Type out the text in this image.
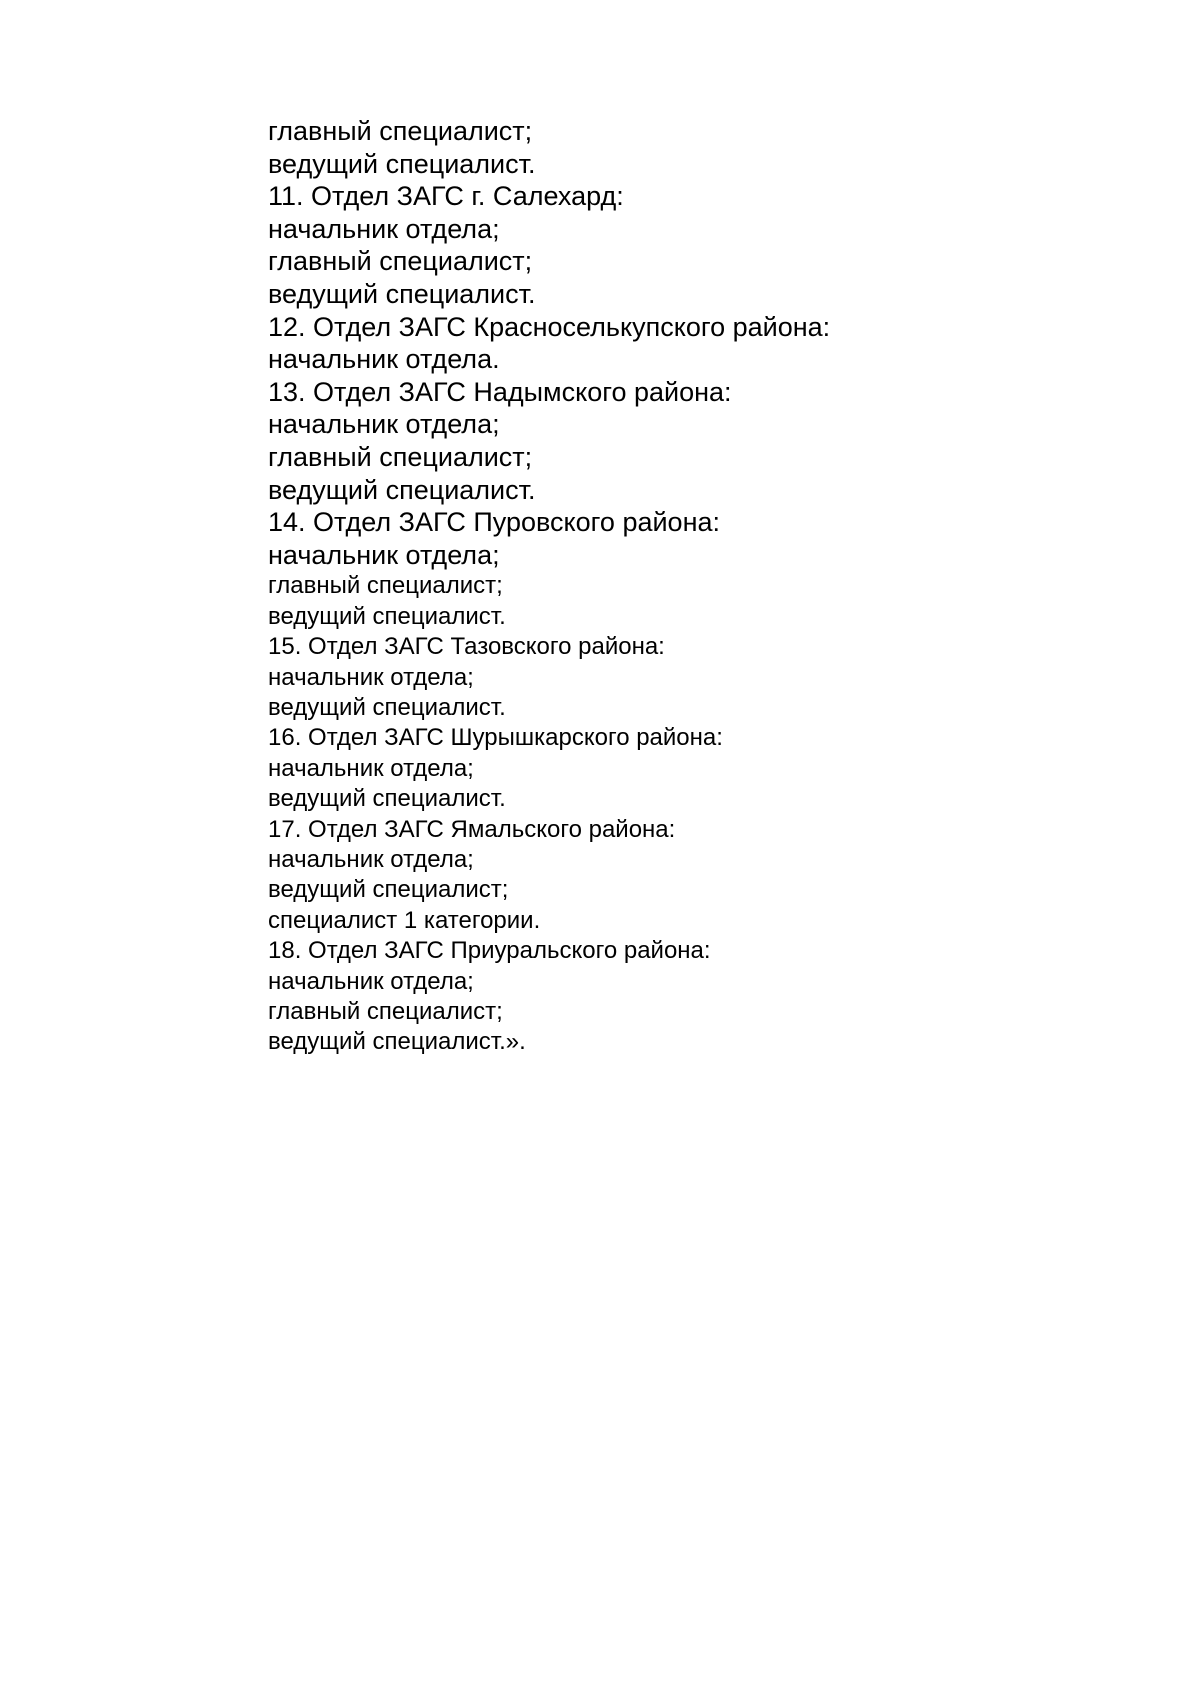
главный специалист;
ведущий специалист.
11. Отдел ЗАГС г. Салехард:
начальник отдела;
главный специалист;
ведущий специалист.
12. Отдел ЗАГС Красноселькупского района:
начальник отдела.
13. Отдел ЗАГС Надымского района:
начальник отдела;
главный специалист;
ведущий специалист.
14. Отдел ЗАГС Пуровского района:
начальник отдела;
главный специалист;
ведущий специалист.
15. Отдел ЗАГС Тазовского района:
начальник отдела;
ведущий специалист.
16. Отдел ЗАГС Шурышкарского района:
начальник отдела;
ведущий специалист.
17. Отдел ЗАГС Ямальского района:
начальник отдела;
ведущий специалист;
специалист 1 категории.
18. Отдел ЗАГС Приуральского района:
начальник отдела;
главный специалист;
ведущий специалист.».
